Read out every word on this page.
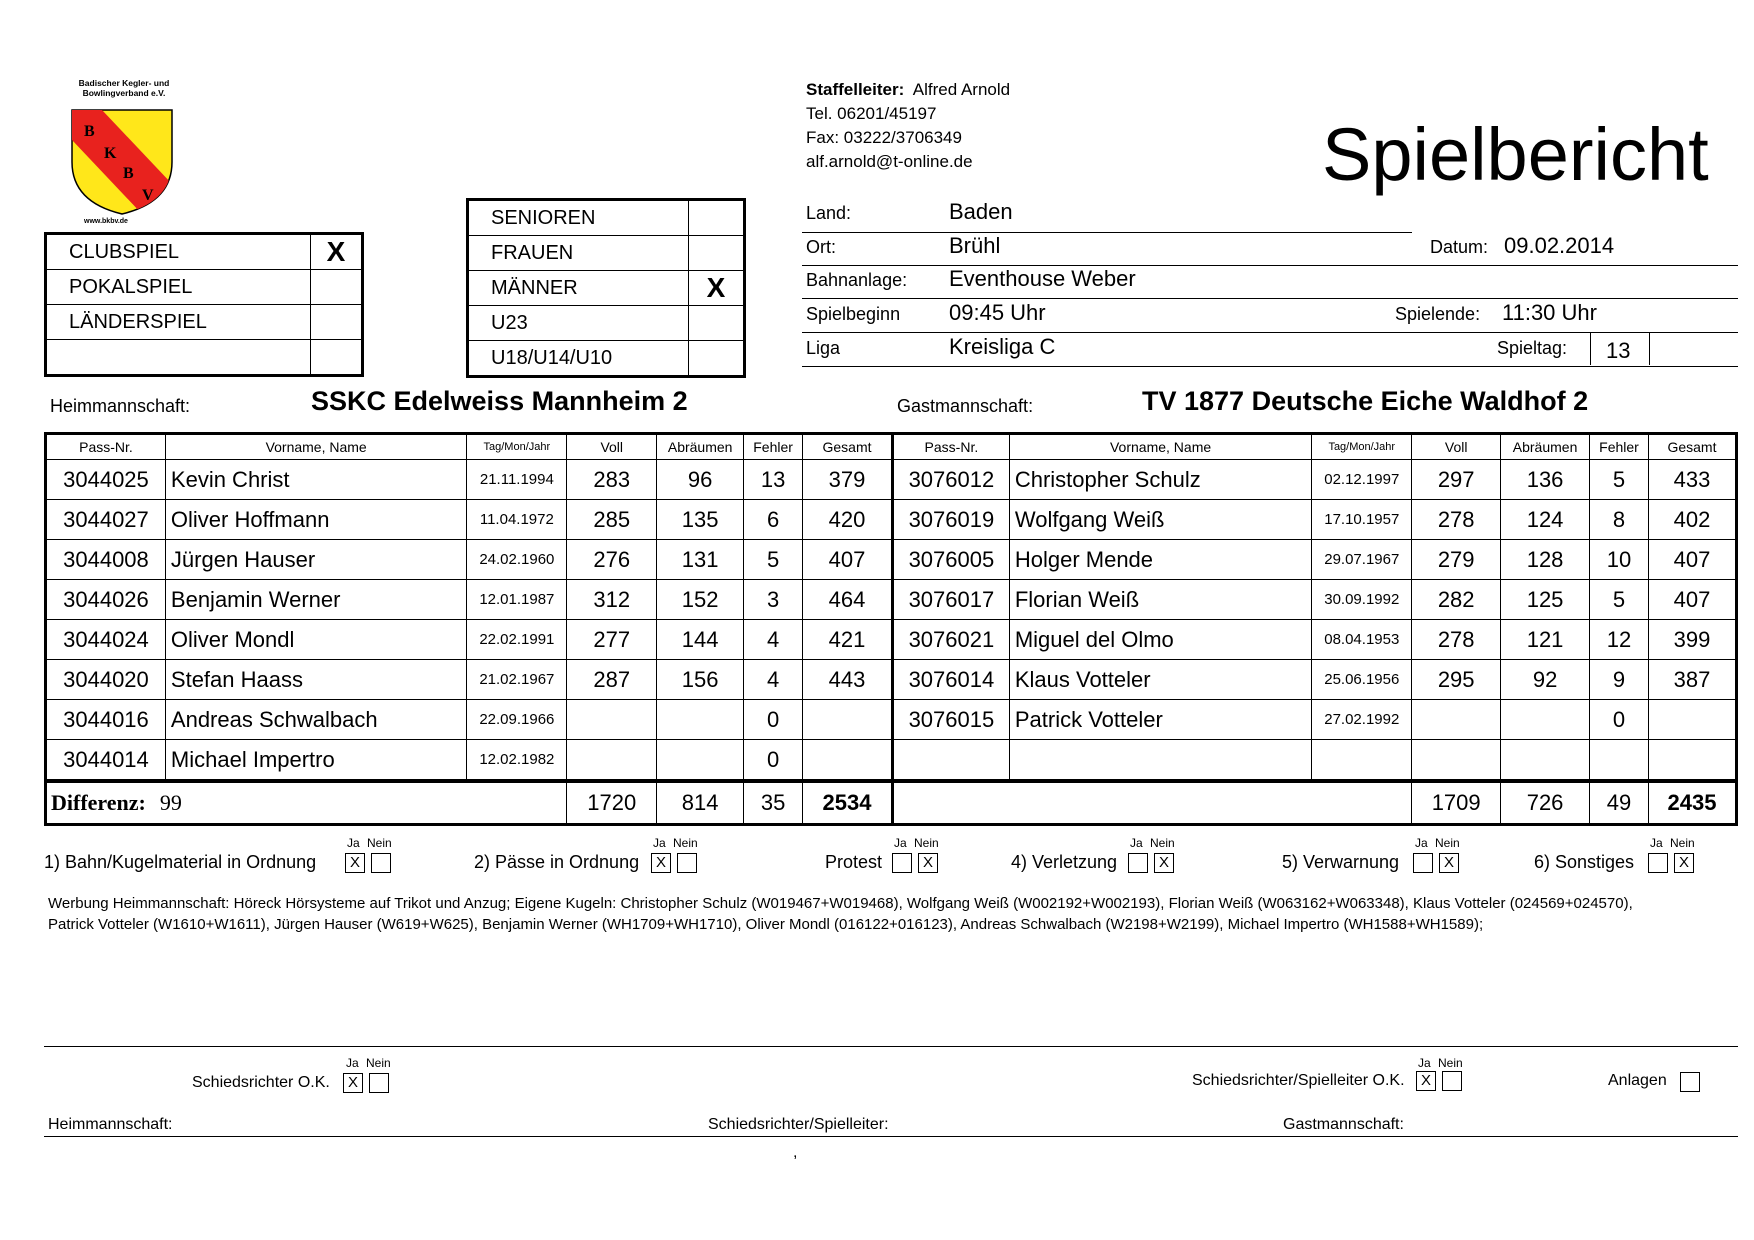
Badischer Kegler- und
Bowlingverband e.V.
B
K
B
V
www.bkbv.de
CLUBSPIEL	X
POKALSPIEL	
LÄNDERSPIEL	

SENIOREN	
FRAUEN	
MÄNNER	X
U23	
U18/U14/U10	
Staffelleiter: Alfred Arnold
Tel. 06201/45197
Fax: 03222/3706349
alf.arnold@t-online.de	Spielbericht
Land:	Baden
Ort:	Brühl	Datum: 09.02.2014
Bahnanlage: Eventhouse Weber
Spielbeginn 09:45 Uhr	Spielende: 11:30 Uhr
Liga	Kreisliga C	Spieltag: 13
Heimmannschaft:	SSKC Edelweiss Mannheim 2	Gastmannschaft:	TV 1877 Deutsche Eiche Waldhof 2
Pass-Nr.	Vorname, Name	Tag/Mon/Jahr	Voll	Abräumen	Fehler	Gesamt	Pass-Nr.	Vorname, Name	Tag/Mon/Jahr	Voll	Abräumen	Fehler	Gesamt
3044025	Kevin Christ	21.11.1994	283	96	13	379	3076012	Christopher Schulz	02.12.1997	297	136	5	433
3044027	Oliver Hoffmann	11.04.1972	285	135	6	420	3076019	Wolfgang Weiß	17.10.1957	278	124	8	402
3044008	Jürgen Hauser	24.02.1960	276	131	5	407	3076005	Holger Mende	29.07.1967	279	128	10	407
3044026	Benjamin Werner	12.01.1987	312	152	3	464	3076017	Florian Weiß	30.09.1992	282	125	5	407
3044024	Oliver Mondl	22.02.1991	277	144	4	421	3076021	Miguel del Olmo	08.04.1953	278	121	12	399
3044020	Stefan Haass	21.02.1967	287	156	4	443	3076014	Klaus Votteler	25.06.1956	295	92	9	387
3044016	Andreas Schwalbach	22.09.1966			0		3076015	Patrick Votteler	27.02.1992			0	
3044014	Michael Impertro	12.02.1982			0								
Differenz: 99			1720	814	35	2534				1709	726	49	2435
1) Bahn/Kugelmaterial in Ordnung
Ja Nein
X	2) Pässe in Ordnung
Ja Nein
X	Protest
Ja Nein
X	4) Verletzung
Ja Nein
X	5) Verwarnung
Ja Nein
X	6) Sonstiges
Ja Nein
X
Werbung Heimmannschaft: Höreck Hörsysteme auf Trikot und Anzug; Eigene Kugeln: Christopher Schulz (W019467+W019468), Wolfgang Weiß (W002192+W002193), Florian Weiß (W063162+W063348), Klaus Votteler (024569+024570), Patrick Votteler (W1610+W1611), Jürgen Hauser (W619+W625), Benjamin Werner (WH1709+WH1710), Oliver Mondl (016122+016123), Andreas Schwalbach (W2198+W2199), Michael Impertro (WH1588+WH1589);
Ja Nein
Schiedsrichter O.K.	X
Ja Nein
Schiedsrichter/Spielleiter O.K.	X	Anlagen
Heimmannschaft:	Schiedsrichter/Spielleiter:	Gastmannschaft:
,
